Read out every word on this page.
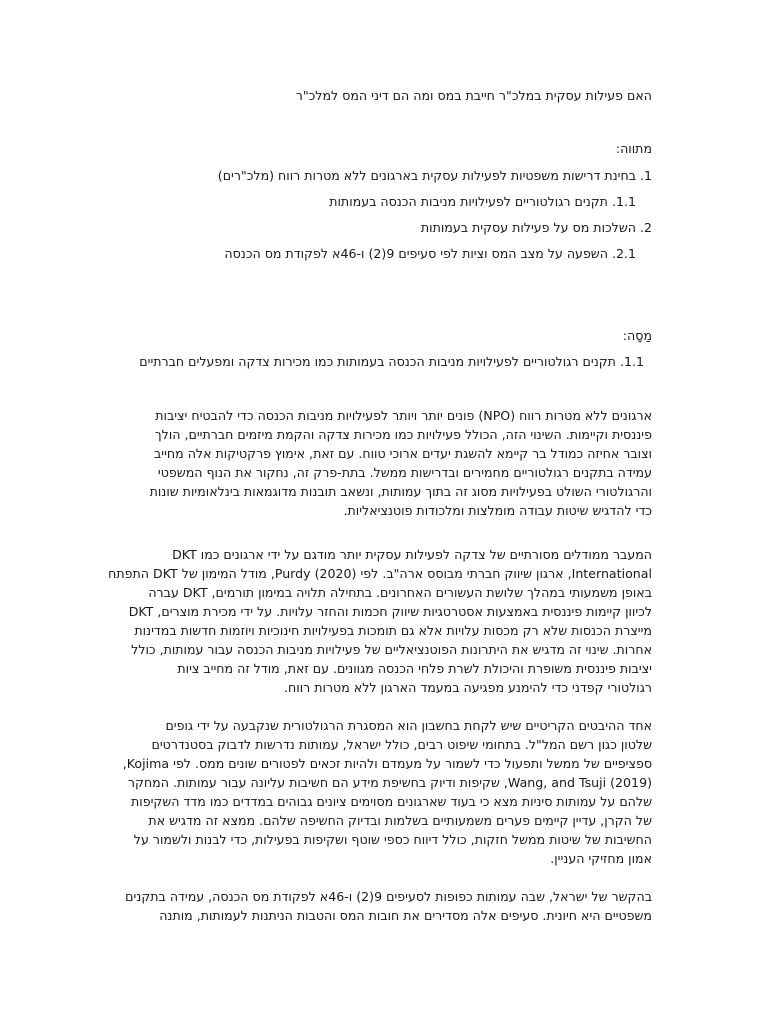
האם פעילות עסקית במלכ"ר חייבת במס ומה הם דיני המס למלכ"ר
מתווה:
1. בחינת דרישות משפטיות לפעילות עסקית בארגונים ללא מטרות רווח (מלכ"רים)
1.1. תקנים רגולטוריים לפעילויות מניבות הכנסה בעמותות
2. השלכות מס על פעילות עסקית בעמותות
2.1. השפעה על מצב המס וציות לפי סעיפים 9(2) ו-46א לפקודת מס הכנסה
מַסָה:
1.1. תקנים רגולטוריים לפעילויות מניבות הכנסה בעמותות כמו מכירות צדקה ומפעלים חברתיים
ארגונים ללא מטרות רווח (NPO) פונים יותר ויותר לפעילויות מניבות הכנסה כדי להבטיח יציבות
פיננסית וקיימות. השינוי הזה, הכולל פעילויות כמו מכירות צדקה והקמת מיזמים חברתיים, הולך
וצובר אחיזה כמודל בר קיימא להשגת יעדים ארוכי טווח. עם זאת, אימוץ פרקטיקות אלה מחייב
עמידה בתקנים רגולטוריים מחמירים ובדרישות ממשל. בתת-פרק זה, נחקור את הנוף המשפטי
והרגולטורי השולט בפעילויות מסוג זה בתוך עמותות, ונשאב תובנות מדוגמאות בינלאומיות שונות
כדי להדגיש שיטות עבודה מומלצות ומלכודות פוטנציאליות.
המעבר ממודלים מסורתיים של צדקה לפעילות עסקית יותר מודגם על ידי ארגונים כמו DKT
International, ארגון שיווק חברתי מבוסס ארה"ב. לפי Purdy (2020), מודל המימון של DKT התפתח
באופן משמעותי במהלך שלושת העשורים האחרונים. בתחילה תלויה במימון תורמים, DKT עברה
לכיוון קיימות פיננסית באמצעות אסטרטגיות שיווק חכמות והחזר עלויות. על ידי מכירת מוצרים, DKT
מייצרת הכנסות שלא רק מכסות עלויות אלא גם תומכות בפעילויות חינוכיות ויוזמות חדשות במדינות
אחרות. שינוי זה מדגיש את היתרונות הפוטנציאליים של פעילויות מניבות הכנסה עבור עמותות, כולל
יציבות פיננסית משופרת והיכולת לשרת פלחי הכנסה מגוונים. עם זאת, מודל זה מחייב ציות
רגולטורי קפדני כדי להימנע מפגיעה במעמד הארגון ללא מטרות רווח.
אחד ההיבטים הקריטיים שיש לקחת בחשבון הוא המסגרת הרגולטורית שנקבעה על ידי גופים
שלטון כגון רשם המל"ל. בתחומי שיפוט רבים, כולל ישראל, עמותות נדרשות לדבוק בסטנדרטים
ספציפיים של ממשל ותפעול כדי לשמור על מעמדם ולהיות זכאים לפטורים שונים ממס. לפי Kojima,
Wang, and Tsuji (2019), שקיפות ודיוק בחשיפת מידע הם חשיבות עליונה עבור עמותות. המחקר
שלהם על עמותות סיניות מצא כי בעוד שארגונים מסוימים ציונים גבוהים במדדים כמו מדד השקיפות
של הקרן, עדיין קיימים פערים משמעותיים בשלמות ובדיוק החשיפה שלהם. ממצא זה מדגיש את
החשיבות של שיטות ממשל חזקות, כולל דיווח כספי שוטף ושקיפות בפעילות, כדי לבנות ולשמור על
אמון מחזיקי העניין.
בהקשר של ישראל, שבה עמותות כפופות לסעיפים 9(2) ו-46א לפקודת מס הכנסה, עמידה בתקנים
משפטיים היא חיונית. סעיפים אלה מסדירים את חובות המס והטבות הניתנות לעמותות, מותנה
